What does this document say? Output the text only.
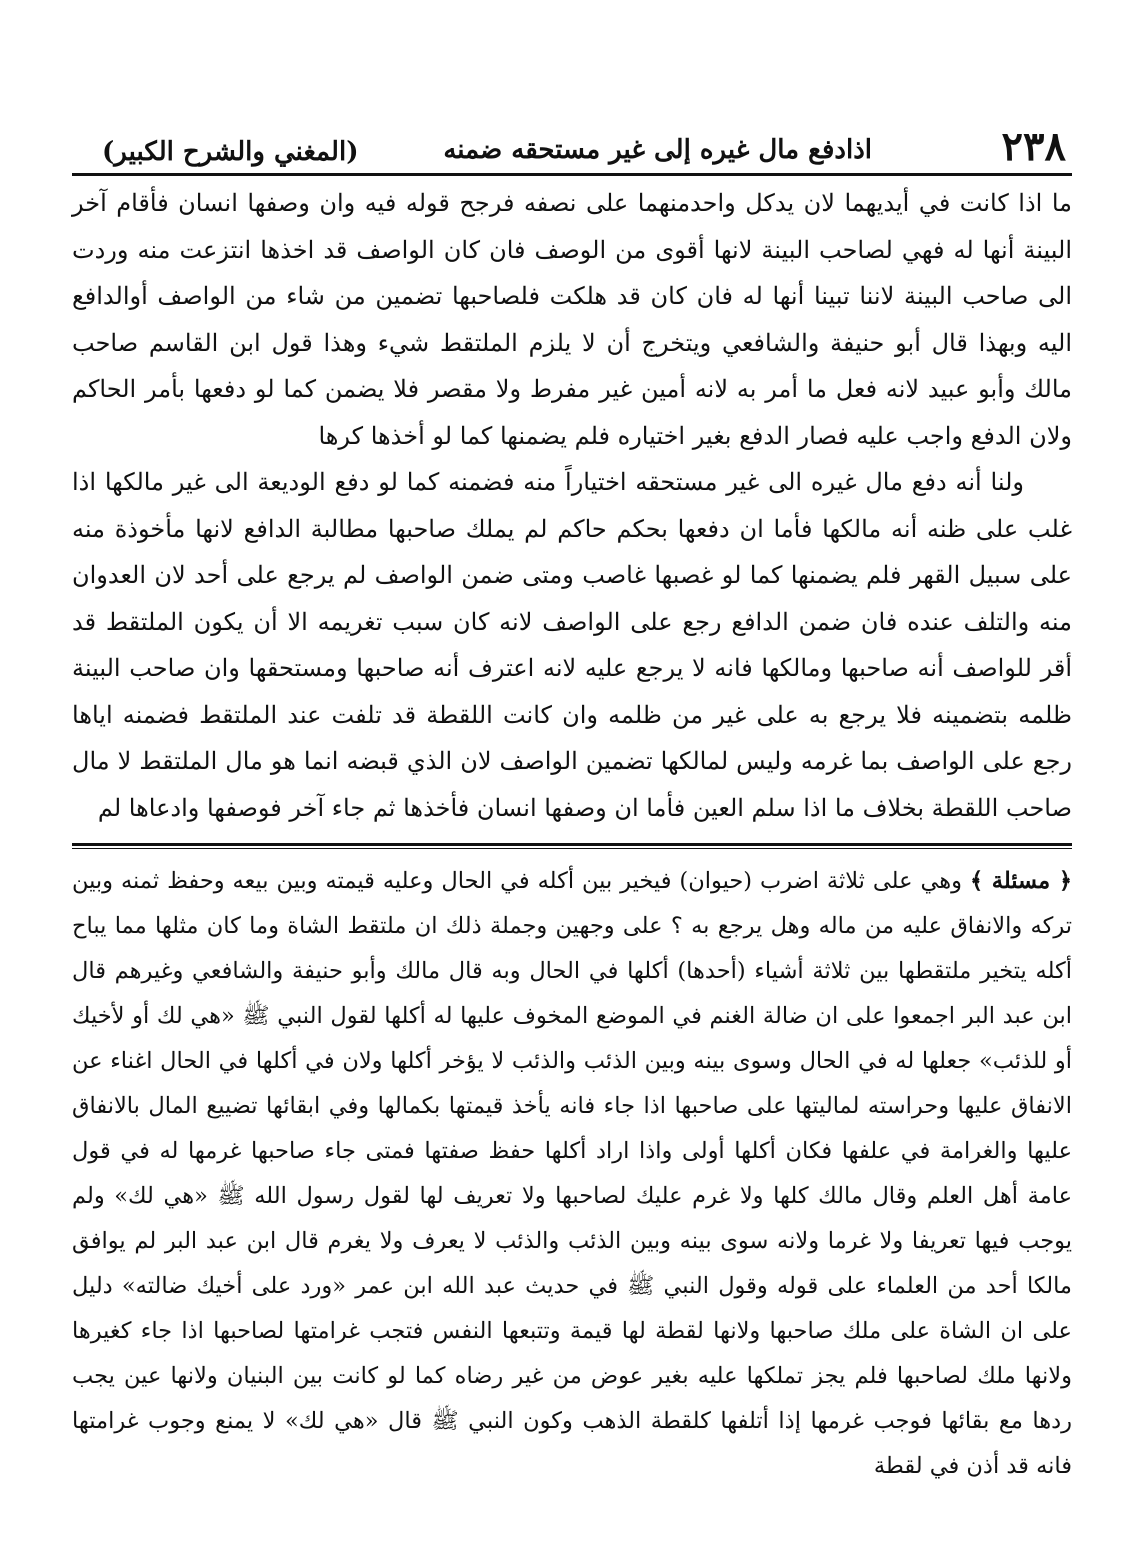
٢٣٨
اذادفع مال غيره إلى غير مستحقه ضمنه
(المغني والشرح الكبير)

ما اذا كانت في أيديهما لان يدكل واحدمنهما على نصفه فرجح قوله فيه وان وصفها انسان فأقام آخر البينة أنها له فهي لصاحب البينة لانها أقوى من الوصف فان كان الواصف قد اخذها انتزعت منه وردت الى صاحب البينة لاننا تبينا أنها له فان كان قد هلكت فلصاحبها تضمين من شاء من الواصف أوالدافع اليه وبهذا قال أبو حنيفة والشافعي ويتخرج أن لا يلزم الملتقط شيء وهذا قول ابن القاسم صاحب مالك وأبو عبيد لانه فعل ما أمر به لانه أمين غير مفرط ولا مقصر فلا يضمن كما لو دفعها بأمر الحاكم ولان الدفع واجب عليه فصار الدفع بغير اختياره فلم يضمنها كما لو أخذها كرها

ولنا أنه دفع مال غيره الى غير مستحقه اختياراً منه فضمنه كما لو دفع الوديعة الى غير مالكها اذا غلب على ظنه أنه مالكها فأما ان دفعها بحكم حاكم لم يملك صاحبها مطالبة الدافع لانها مأخوذة منه على سبيل القهر فلم يضمنها كما لو غصبها غاصب ومتى ضمن الواصف لم يرجع على أحد لان العدوان منه والتلف عنده فان ضمن الدافع رجع على الواصف لانه كان سبب تغريمه الا أن يكون الملتقط قد أقر للواصف أنه صاحبها ومالكها فانه لا يرجع عليه لانه اعترف أنه صاحبها ومستحقها وان صاحب البينة ظلمه بتضمينه فلا يرجع به على غير من ظلمه وان كانت اللقطة قد تلفت عند الملتقط فضمنه اياها رجع على الواصف بما غرمه وليس لمالكها تضمين الواصف لان الذي قبضه انما هو مال الملتقط لا مال صاحب اللقطة بخلاف ما اذا سلم العين فأما ان وصفها انسان فأخذها ثم جاء آخر فوصفها وادعاها لم

﴿ مسئلة ﴾ وهي على ثلاثة اضرب (حيوان) فيخير بين أكله في الحال وعليه قيمته وبين بيعه وحفظ ثمنه وبين تركه والانفاق عليه من ماله وهل يرجع به ؟ على وجهين وجملة ذلك ان ملتقط الشاة وما كان مثلها مما يباح أكله يتخير ملتقطها بين ثلاثة أشياء (أحدها) أكلها في الحال وبه قال مالك وأبو حنيفة والشافعي وغيرهم قال ابن عبد البر اجمعوا على ان ضالة الغنم في الموضع المخوف عليها له أكلها لقول النبي ﷺ «هي لك أو لأخيك أو للذئب» جعلها له في الحال وسوى بينه وبين الذئب والذئب لا يؤخر أكلها ولان في أكلها في الحال اغناء عن الانفاق عليها وحراسته لماليتها على صاحبها اذا جاء فانه يأخذ قيمتها بكمالها وفي ابقائها تضييع المال بالانفاق عليها والغرامة في علفها فكان أكلها أولى واذا اراد أكلها حفظ صفتها فمتى جاء صاحبها غرمها له في قول عامة أهل العلم وقال مالك كلها ولا غرم عليك لصاحبها ولا تعريف لها لقول رسول الله ﷺ «هي لك» ولم يوجب فيها تعريفا ولا غرما ولانه سوى بينه وبين الذئب والذئب لا يعرف ولا يغرم قال ابن عبد البر لم يوافق مالكا أحد من العلماء على قوله وقول النبي ﷺ في حديث عبد الله ابن عمر «ورد على أخيك ضالته» دليل على ان الشاة على ملك صاحبها ولانها لقطة لها قيمة وتتبعها النفس فتجب غرامتها لصاحبها اذا جاء كغيرها ولانها ملك لصاحبها فلم يجز تملكها عليه بغير عوض من غير رضاه كما لو كانت بين البنيان ولانها عين يجب ردها مع بقائها فوجب غرمها إذا أتلفها كلقطة الذهب وكون النبي ﷺ قال «هي لك» لا يمنع وجوب غرامتها فانه قد أذن في لقطة
